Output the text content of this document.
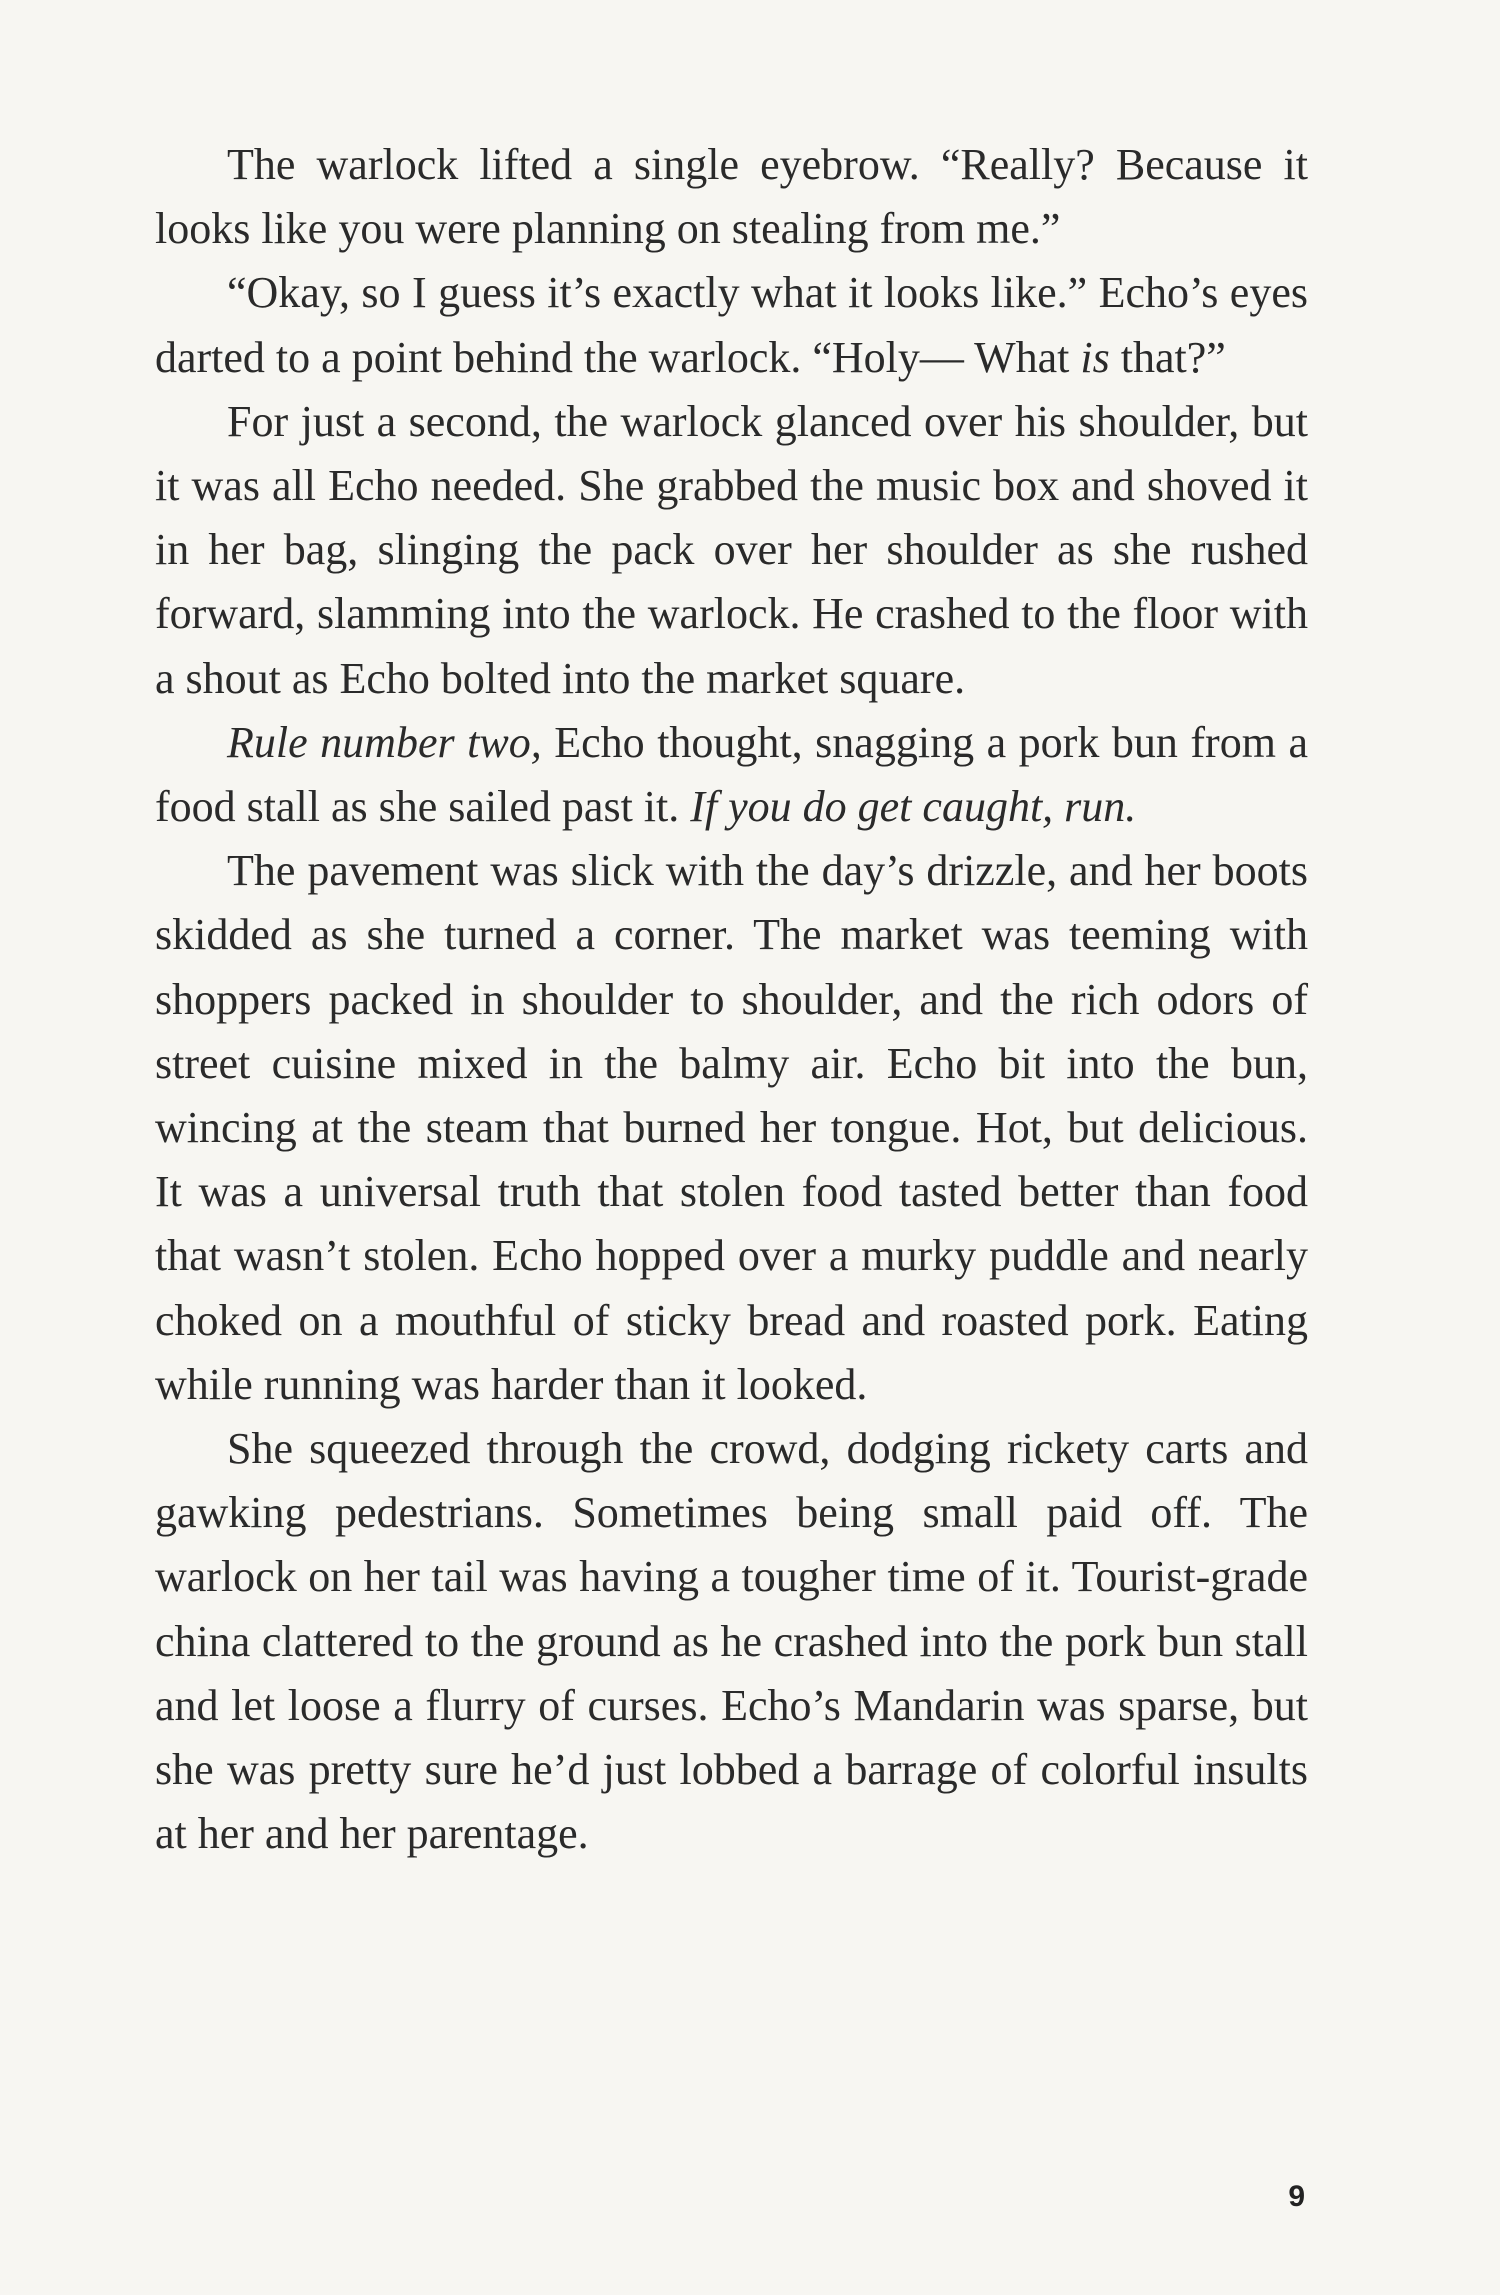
The warlock lifted a single eyebrow. “Really? Because it looks like you were planning on stealing from me.”

“Okay, so I guess it’s exactly what it looks like.” Echo’s eyes darted to a point behind the warlock. “Holy— What is that?”

For just a second, the warlock glanced over his shoulder, but it was all Echo needed. She grabbed the music box and shoved it in her bag, slinging the pack over her shoulder as she rushed forward, slamming into the warlock. He crashed to the floor with a shout as Echo bolted into the market square.

Rule number two, Echo thought, snagging a pork bun from a food stall as she sailed past it. If you do get caught, run.

The pavement was slick with the day’s drizzle, and her boots skidded as she turned a corner. The market was teeming with shoppers packed in shoulder to shoulder, and the rich odors of street cuisine mixed in the balmy air. Echo bit into the bun, wincing at the steam that burned her tongue. Hot, but delicious. It was a universal truth that stolen food tasted better than food that wasn’t stolen. Echo hopped over a murky puddle and nearly choked on a mouthful of sticky bread and roasted pork. Eating while running was harder than it looked.

She squeezed through the crowd, dodging rickety carts and gawking pedestrians. Sometimes being small paid off. The warlock on her tail was having a tougher time of it. Tourist-grade china clattered to the ground as he crashed into the pork bun stall and let loose a flurry of curses. Echo’s Mandarin was sparse, but she was pretty sure he’d just lobbed a barrage of colorful insults at her and her parentage.

9
